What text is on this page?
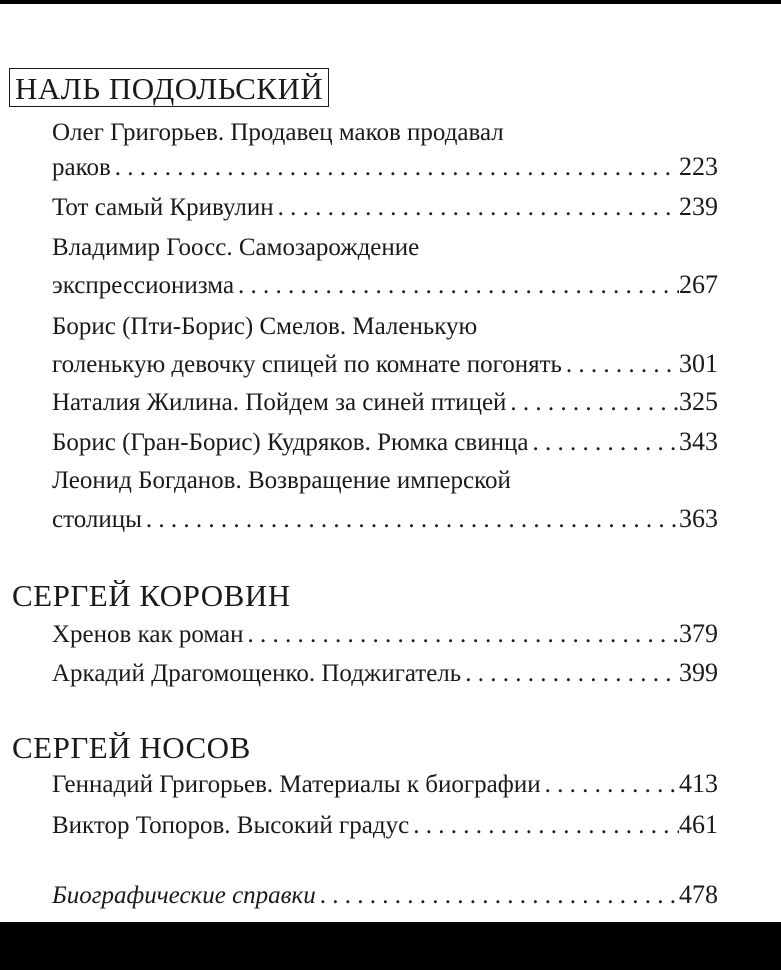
НАЛЬ ПОДОЛЬСКИЙ
Олег Григорьев. Продавец маков продавал
раков . . .	223
Тот самый Кривулин . . .	239
Владимир Гоосс. Самозарождение
экспрессионизма . . .	267
Борис (Пти-Борис) Смелов. Маленькую
голенькую девочку спицей по комнате погонять . . .	301
Наталия Жилина. Пойдем за синей птицей . . .	325
Борис (Гран-Борис) Кудряков. Рюмка свинца . . .	343
Леонид Богданов. Возвращение имперской
столицы . . .	363
СЕРГЕЙ КОРОВИН
Хренов как роман . . .	379
Аркадий Драгомощенко. Поджигатель . . .	399
СЕРГЕЙ НОСОВ
Геннадий Григорьев. Материалы к биографии . . .	413
Виктор Топоров. Высокий градус . . .	461
Биографические справки . . .	478
